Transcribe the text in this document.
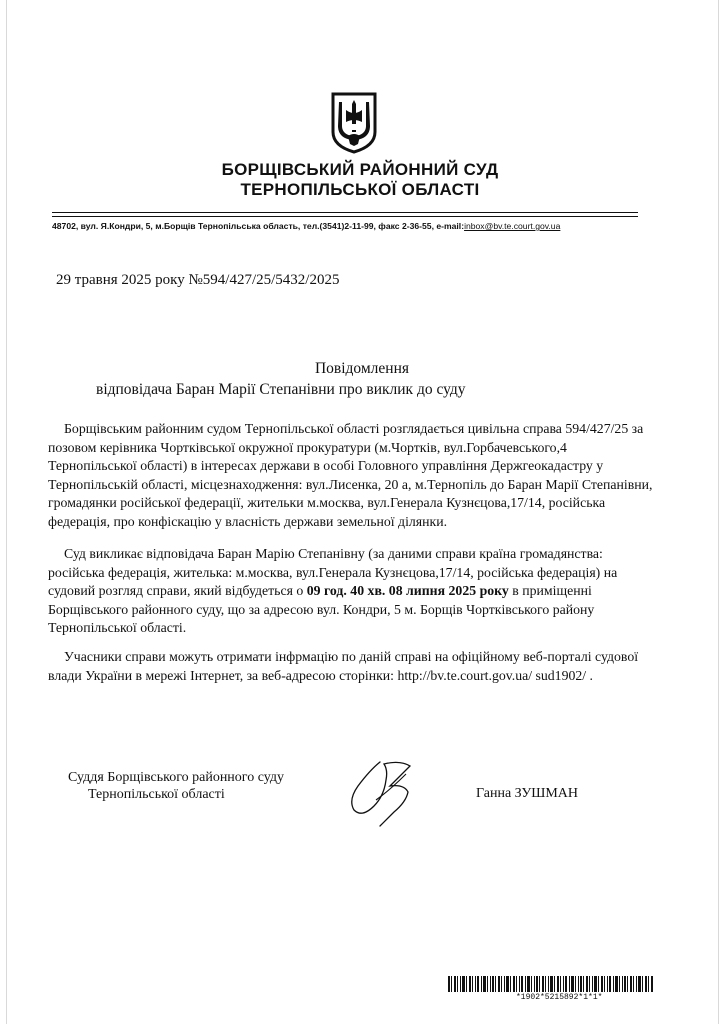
БОРЩІВСЬКИЙ РАЙОННИЙ СУД
ТЕРНОПІЛЬСЬКОЇ ОБЛАСТІ
48702, вул. Я.Кондри, 5, м.Борщів Тернопільська область, тел.(3541)2-11-99, факс 2-36-55, e-mail:inbox@bv.te.court.gov.ua
29 травня 2025 року №594/427/25/5432/2025
Повідомлення
відповідача Баран Марії Степанівни про виклик до суду
Борщівським районним судом Тернопільської області розглядається цивільна справа 594/427/25 за позовом керівника Чортківської окружної прокуратури (м.Чортків, вул.Горбачевського,4 Тернопільської області) в інтересах держави в особі Головного управління Держгеокадастру у Тернопільській області, місцезнаходження: вул.Лисенка, 20 а, м.Тернопіль до Баран Марії Степанівни, громадянки російської федерації, жительки м.москва, вул.Генерала Кузнєцова,17/14, російська федерація, про конфіскацію у власність держави земельної ділянки.
Суд викликає відповідача Баран Марію Степанівну (за даними справи країна громадянства: російська федерація, жителька: м.москва, вул.Генерала Кузнєцова,17/14, російська федерація) на судовий розгляд справи, який відбудеться о 09 год. 40 хв. 08 липня 2025 року в приміщенні Борщівського районного суду, що за адресою вул. Кондри, 5 м. Борщів Чортківського району Тернопільської області.
Учасники справи можуть отримати інфрмацію по даній справі на офіційному веб-порталі судової влади України в мережі Інтернет, за веб-адресою сторінки: http://bv.te.court.gov.ua/ sud1902/ .
Суддя Борщівського районного суду
Тернопільської області	Ганна ЗУШМАН
*1902*5215892*1*1*
